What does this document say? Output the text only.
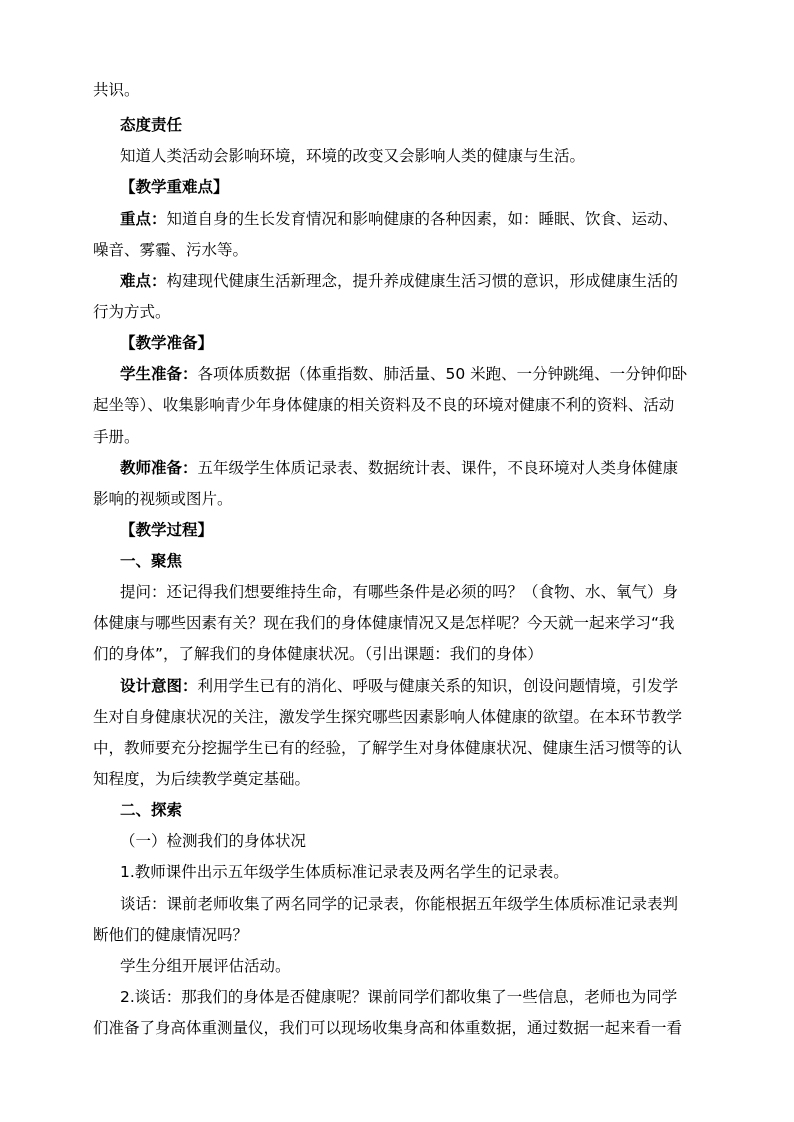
共识。
态度责任
知道人类活动会影响环境，环境的改变又会影响人类的健康与生活。
【教学重难点】
重点：知道自身的生长发育情况和影响健康的各种因素，如：睡眠、饮食、运动、
噪音、雾霾、污水等。
难点：构建现代健康生活新理念，提升养成健康生活习惯的意识，形成健康生活的
行为方式。
【教学准备】
学生准备：各项体质数据（体重指数、肺活量、50 米跑、一分钟跳绳、一分钟仰卧
起坐等）、收集影响青少年身体健康的相关资料及不良的环境对健康不利的资料、活动
手册。
教师准备：五年级学生体质记录表、数据统计表、课件，不良环境对人类身体健康
影响的视频或图片。
【教学过程】
一、聚焦
提问：还记得我们想要维持生命，有哪些条件是必须的吗？（食物、水、氧气）身
体健康与哪些因素有关？现在我们的身体健康情况又是怎样呢？今天就一起来学习“我
们的身体”，了解我们的身体健康状况。（引出课题：我们的身体）
设计意图：利用学生已有的消化、呼吸与健康关系的知识，创设问题情境，引发学
生对自身健康状况的关注，激发学生探究哪些因素影响人体健康的欲望。在本环节教学
中，教师要充分挖掘学生已有的经验，了解学生对身体健康状况、健康生活习惯等的认
知程度，为后续教学奠定基础。
二、探索
（一）检测我们的身体状况
1.教师课件出示五年级学生体质标准记录表及两名学生的记录表。
谈话：课前老师收集了两名同学的记录表，你能根据五年级学生体质标准记录表判
断他们的健康情况吗？
学生分组开展评估活动。
2.谈话：那我们的身体是否健康呢？课前同学们都收集了一些信息，老师也为同学
们准备了身高体重测量仪，我们可以现场收集身高和体重数据，通过数据一起来看一看
